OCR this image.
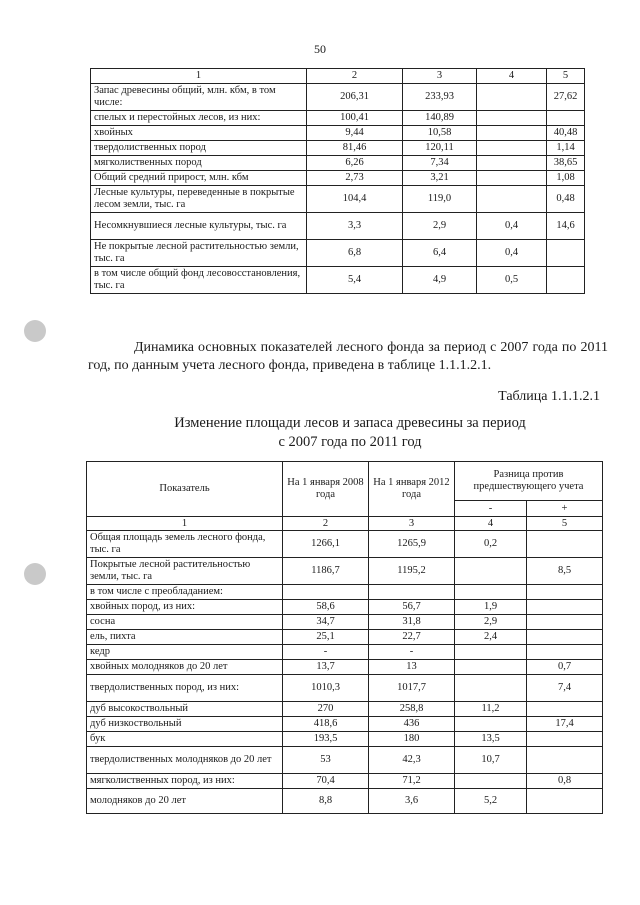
50
1	2	3	4	5
Запас древесины общий, млн. кбм, в том числе:	206,31	233,93		27,62
спелых и перестойных лесов, из них:	100,41	140,89		
хвойных	9,44	10,58		40,48
твердолиственных пород	81,46	120,11		1,14
мягколиственных пород	6,26	7,34		38,65
Общий средний прирост, млн. кбм	2,73	3,21		1,08
Лесные культуры, переведенные в покрытые лесом земли, тыс. га	104,4	119,0		0,48
Несомкнувшиеся лесные культуры, тыс. га	3,3	2,9	0,4	14,6
Не покрытые лесной растительностью земли, тыс. га	6,8	6,4	0,4	
в том числе общий фонд лесовосстановления, тыс. га	5,4	4,9	0,5	
Динамика основных показателей лесного фонда за период с 2007 года по 2011 год, по данным учета лесного фонда, приведена в таблице 1.1.1.2.1.
Таблица 1.1.1.2.1
Изменение площади лесов и запаса древесины за период
с 2007 года по 2011 год
Показатель	На 1 января 2008 года	На 1 января 2012 года	Разница против предшествующего учета	
			-	+
1	2	3	4	5
Общая площадь земель лесного фонда, тыс. га	1266,1	1265,9	0,2	
Покрытые лесной растительностью земли, тыс. га	1186,7	1195,2		8,5
в том числе с преобладанием:				
хвойных пород, из них:	58,6	56,7	1,9	
сосна	34,7	31,8	2,9	
ель, пихта	25,1	22,7	2,4	
кедр	-	-		
хвойных молодняков до 20 лет	13,7	13		0,7
твердолиственных пород, из них:	1010,3	1017,7		7,4
дуб высокоствольный	270	258,8	11,2	
дуб низкоствольный	418,6	436		17,4
бук	193,5	180	13,5	
твердолиственных молодняков до 20 лет	53	42,3	10,7	
мягколиственных пород, из них:	70,4	71,2		0,8
молодняков до 20 лет	8,8	3,6	5,2	
